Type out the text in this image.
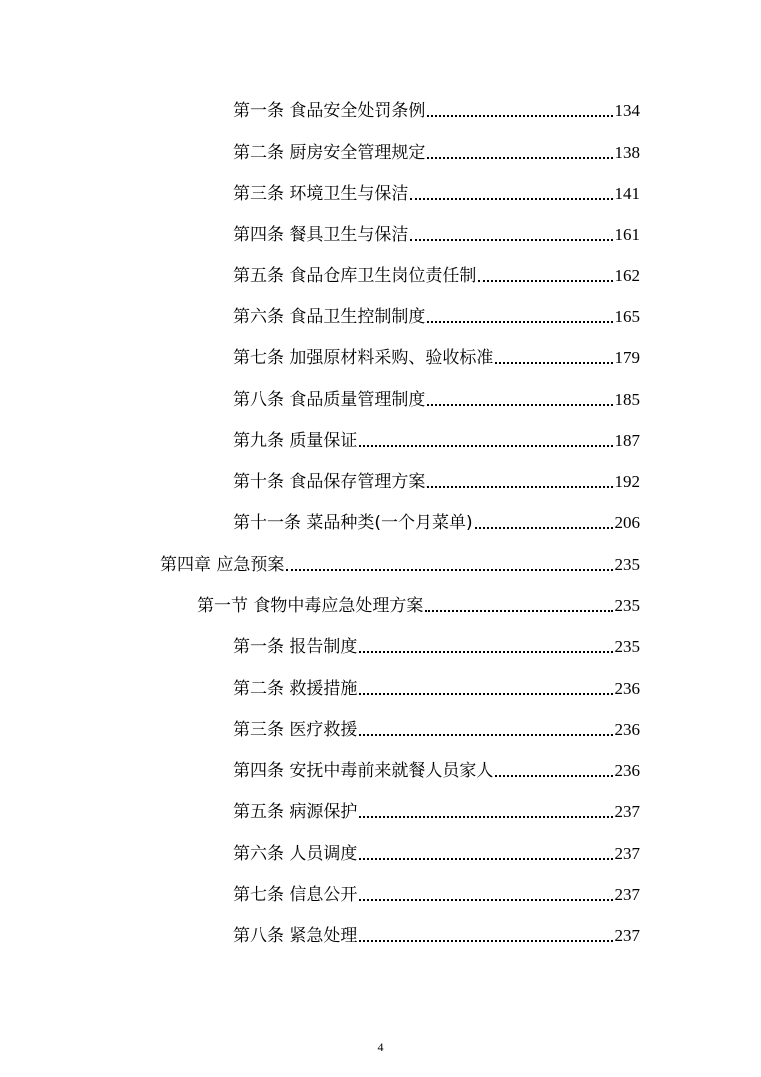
第一条 食品安全处罚条例	134
第二条 厨房安全管理规定	138
第三条 环境卫生与保洁	141
第四条 餐具卫生与保洁	161
第五条 食品仓库卫生岗位责任制	162
第六条 食品卫生控制制度	165
第七条 加强原材料采购、验收标准	179
第八条 食品质量管理制度	185
第九条 质量保证	187
第十条 食品保存管理方案	192
第十一条 菜品种类(一个月菜单)	206
第四章 应急预案	235
第一节 食物中毒应急处理方案	235
第一条 报告制度	235
第二条 救援措施	236
第三条 医疗救援	236
第四条 安抚中毒前来就餐人员家人	236
第五条 病源保护	237
第六条 人员调度	237
第七条 信息公开	237
第八条 紧急处理	237
4
